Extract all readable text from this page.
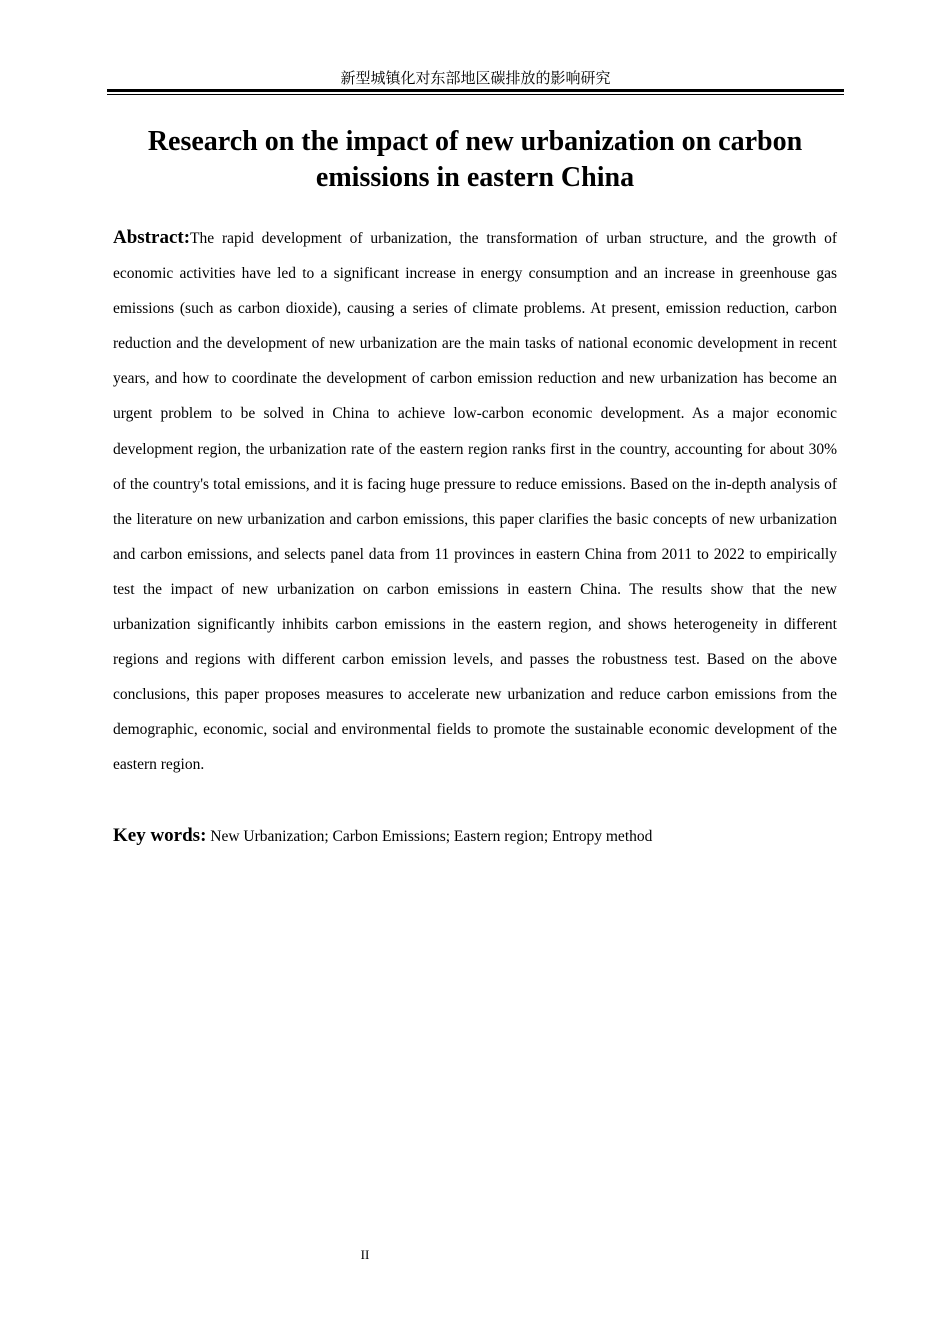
新型城镇化对东部地区碳排放的影响研究
Research on the impact of new urbanization on carbon emissions in eastern China

Abstract:The rapid development of urbanization, the transformation of urban structure, and the growth of economic activities have led to a significant increase in energy consumption and an increase in greenhouse gas emissions (such as carbon dioxide), causing a series of climate problems. At present, emission reduction, carbon reduction and the development of new urbanization are the main tasks of national economic development in recent years, and how to coordinate the development of carbon emission reduction and new urbanization has become an urgent problem to be solved in China to achieve low-carbon economic development. As a major economic development region, the urbanization rate of the eastern region ranks first in the country, accounting for about 30% of the country's total emissions, and it is facing huge pressure to reduce emissions. Based on the in-depth analysis of the literature on new urbanization and carbon emissions, this paper clarifies the basic concepts of new urbanization and carbon emissions, and selects panel data from 11 provinces in eastern China from 2011 to 2022 to empirically test the impact of new urbanization on carbon emissions in eastern China. The results show that the new urbanization significantly inhibits carbon emissions in the eastern region, and shows heterogeneity in different regions and regions with different carbon emission levels, and passes the robustness test. Based on the above conclusions, this paper proposes measures to accelerate new urbanization and reduce carbon emissions from the demographic, economic, social and environmental fields to promote the sustainable economic development of the eastern region.

Key words: New Urbanization; Carbon Emissions; Eastern region; Entropy method

II
